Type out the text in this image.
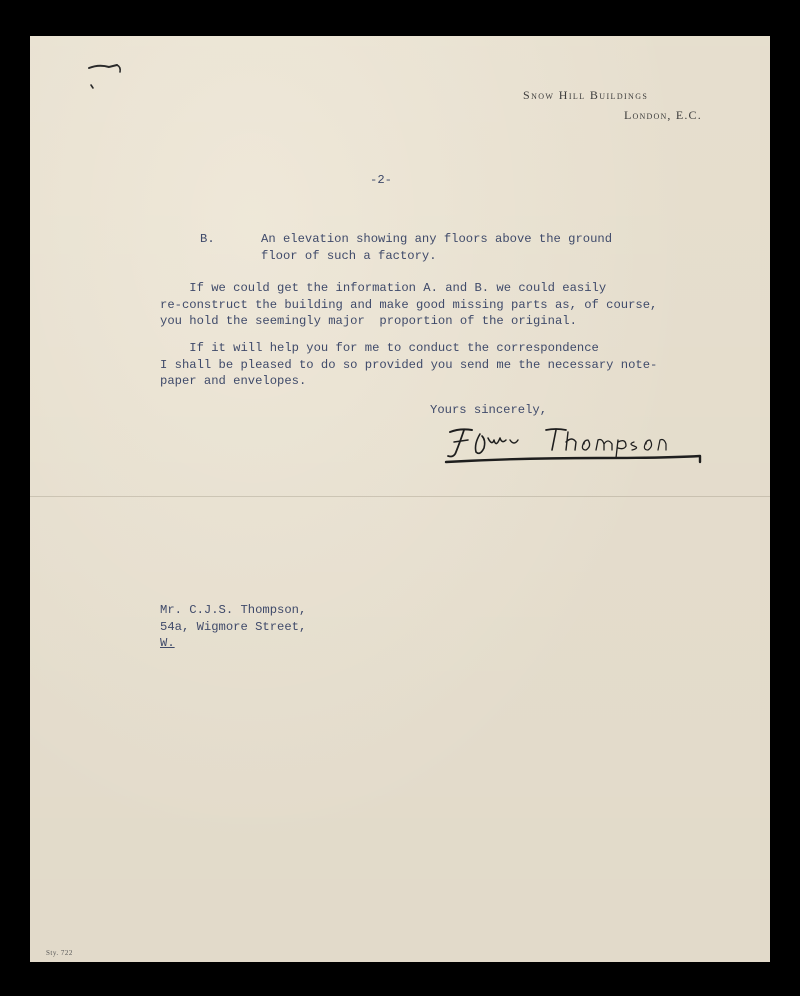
Snow Hill Buildings
London, E.C.
-2-
B.	An elevation showing any floors above the ground
floor of such a factory.
If we could get the information A. and B. we could easily
re-construct the building and make good missing parts as, of course,
you hold the seemingly major  proportion of the original.
If it will help you for me to conduct the correspondence
I shall be pleased to do so provided you send me the necessary note-
paper and envelopes.
Yours sincerely,
Mr. C.J.S. Thompson,
54a, Wigmore Street,
W.
Sty. 722
